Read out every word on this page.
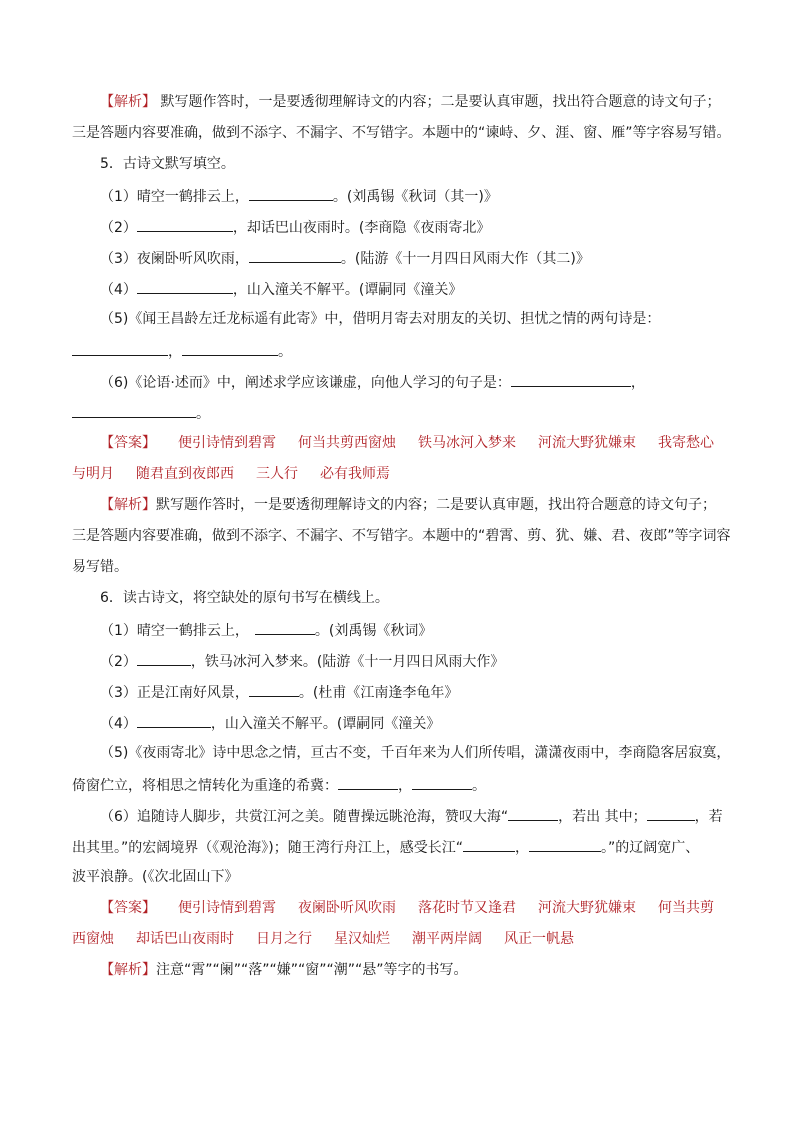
【解析】 默写题作答时，一是要透彻理解诗文的内容；二是要认真审题，找出符合题意的诗文句子；
三是答题内容要准确，做到不添字、不漏字、不写错字。本题中的“谏峙、夕、涯、窗、雁”等字容易写错。
5．古诗文默写填空。
（1）晴空一鹤排云上，	。(刘禹锡《秋词（其一)》
（2）	，却话巴山夜雨时。(李商隐《夜雨寄北》
（3）夜阑卧听风吹雨，	。(陆游《十一月四日风雨大作（其二)》
（4）	，山入潼关不解平。(谭嗣同《潼关》
（5)《闻王昌龄左迁龙标遥有此寄》中，借明月寄去对朋友的关切、担忧之情的两句诗是：
，	。
（6)《论语·述而》中，阐述求学应该谦虚，向他人学习的句子是：	，
。
【答案】 便引诗情到碧霄 何当共剪西窗烛 铁马冰河入梦来 河流大野犹嫌束 我寄愁心
与明月 随君直到夜郎西 三人行 必有我师焉
【解析】默写题作答时，一是要透彻理解诗文的内容；二是要认真审题，找出符合题意的诗文句子；
三是答题内容要准确，做到不添字、不漏字、不写错字。本题中的“碧霄、剪、犹、嫌、君、夜郎”等字词容
易写错。
6．读古诗文，将空缺处的原句书写在横线上。
（1）晴空一鹤排云上，	。(刘禹锡《秋词》
（2）	，铁马冰河入梦来。(陆游《十一月四日风雨大作》
（3）正是江南好风景，	。(杜甫《江南逢李龟年》
（4）	，山入潼关不解平。(谭嗣同《潼关》
（5)《夜雨寄北》诗中思念之情，亘古不变，千百年来为人们所传唱，潇潇夜雨中，李商隐客居寂寞，
倚窗伫立，将相思之情转化为重逢的希冀：	，	。
（6）追随诗人脚步，共赏江河之美。随曹操远眺沧海，赞叹大海“	，若出 其中；	，若
出其里。”的宏阔境界（《观沧海》)；随王湾行舟江上，感受长江“	，	。”的辽阔宽广、
波平浪静。(《次北固山下》
【答案】 便引诗情到碧霄 夜阑卧听风吹雨 落花时节又逢君 河流大野犹嫌束 何当共剪
西窗烛 却话巴山夜雨时 日月之行 星汉灿烂 潮平两岸阔 风正一帆悬
【解析】注意“霄”“阑”“落”“嫌”“窗”“潮”“悬”等字的书写。
